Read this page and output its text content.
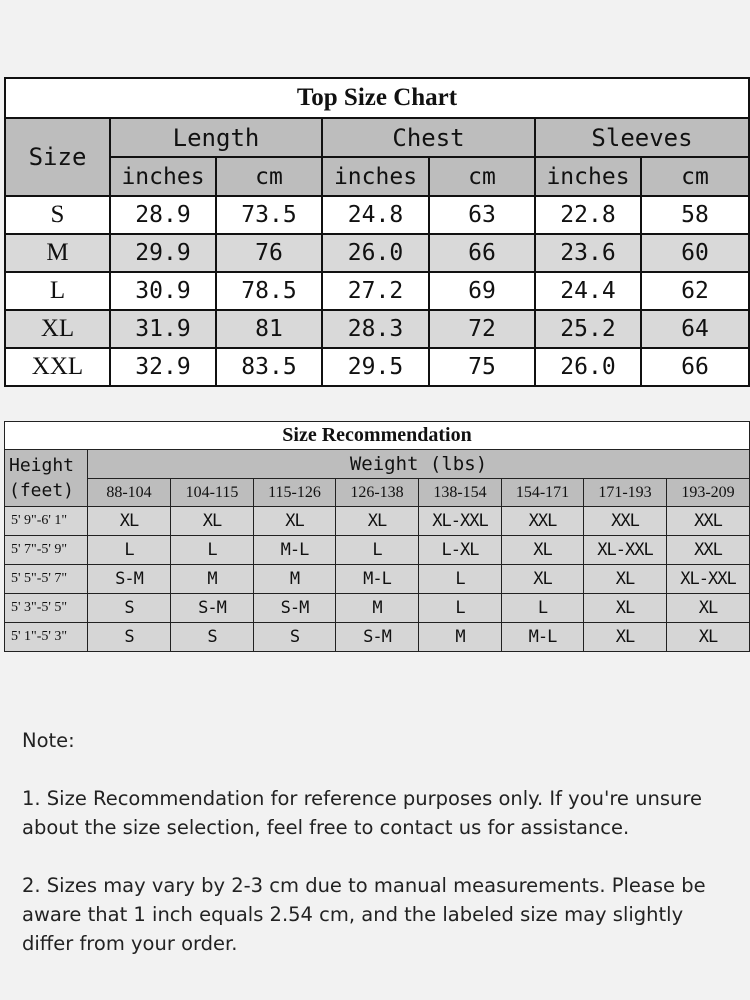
Top Size Chart						
Size	Length		Chest		Sleeves	
	inches	cm	inches	cm	inches	cm
S	28.9	73.5	24.8	63	22.8	58
M	29.9	76	26.0	66	23.6	60
L	30.9	78.5	27.2	69	24.4	62
XL	31.9	81	28.3	72	25.2	64
XXL	32.9	83.5	29.5	75	26.0	66
Size Recommendation								

Height
(feet)	Weight (lbs)							
	88-104	104-115	115-126	126-138	138-154	154-171	171-193	193-209
5' 9"-6' 1"	XL	XL	XL	XL	XL-XXL	XXL	XXL	XXL
5' 7"-5' 9"	L	L	M-L	L	L-XL	XL	XL-XXL	XXL
5' 5"-5' 7"	S-M	M	M	M-L	L	XL	XL	XL-XXL
5' 3"-5' 5"	S	S-M	S-M	M	L	L	XL	XL
5' 1"-5' 3"	S	S	S	S-M	M	M-L	XL	XL

Note:

1. Size Recommendation for reference purposes only. If you're unsure about the size selection, feel free to contact us for assistance.

2. Sizes may vary by 2-3 cm due to manual measurements. Please be aware that 1 inch equals 2.54 cm, and the labeled size may slightly differ from your order.
